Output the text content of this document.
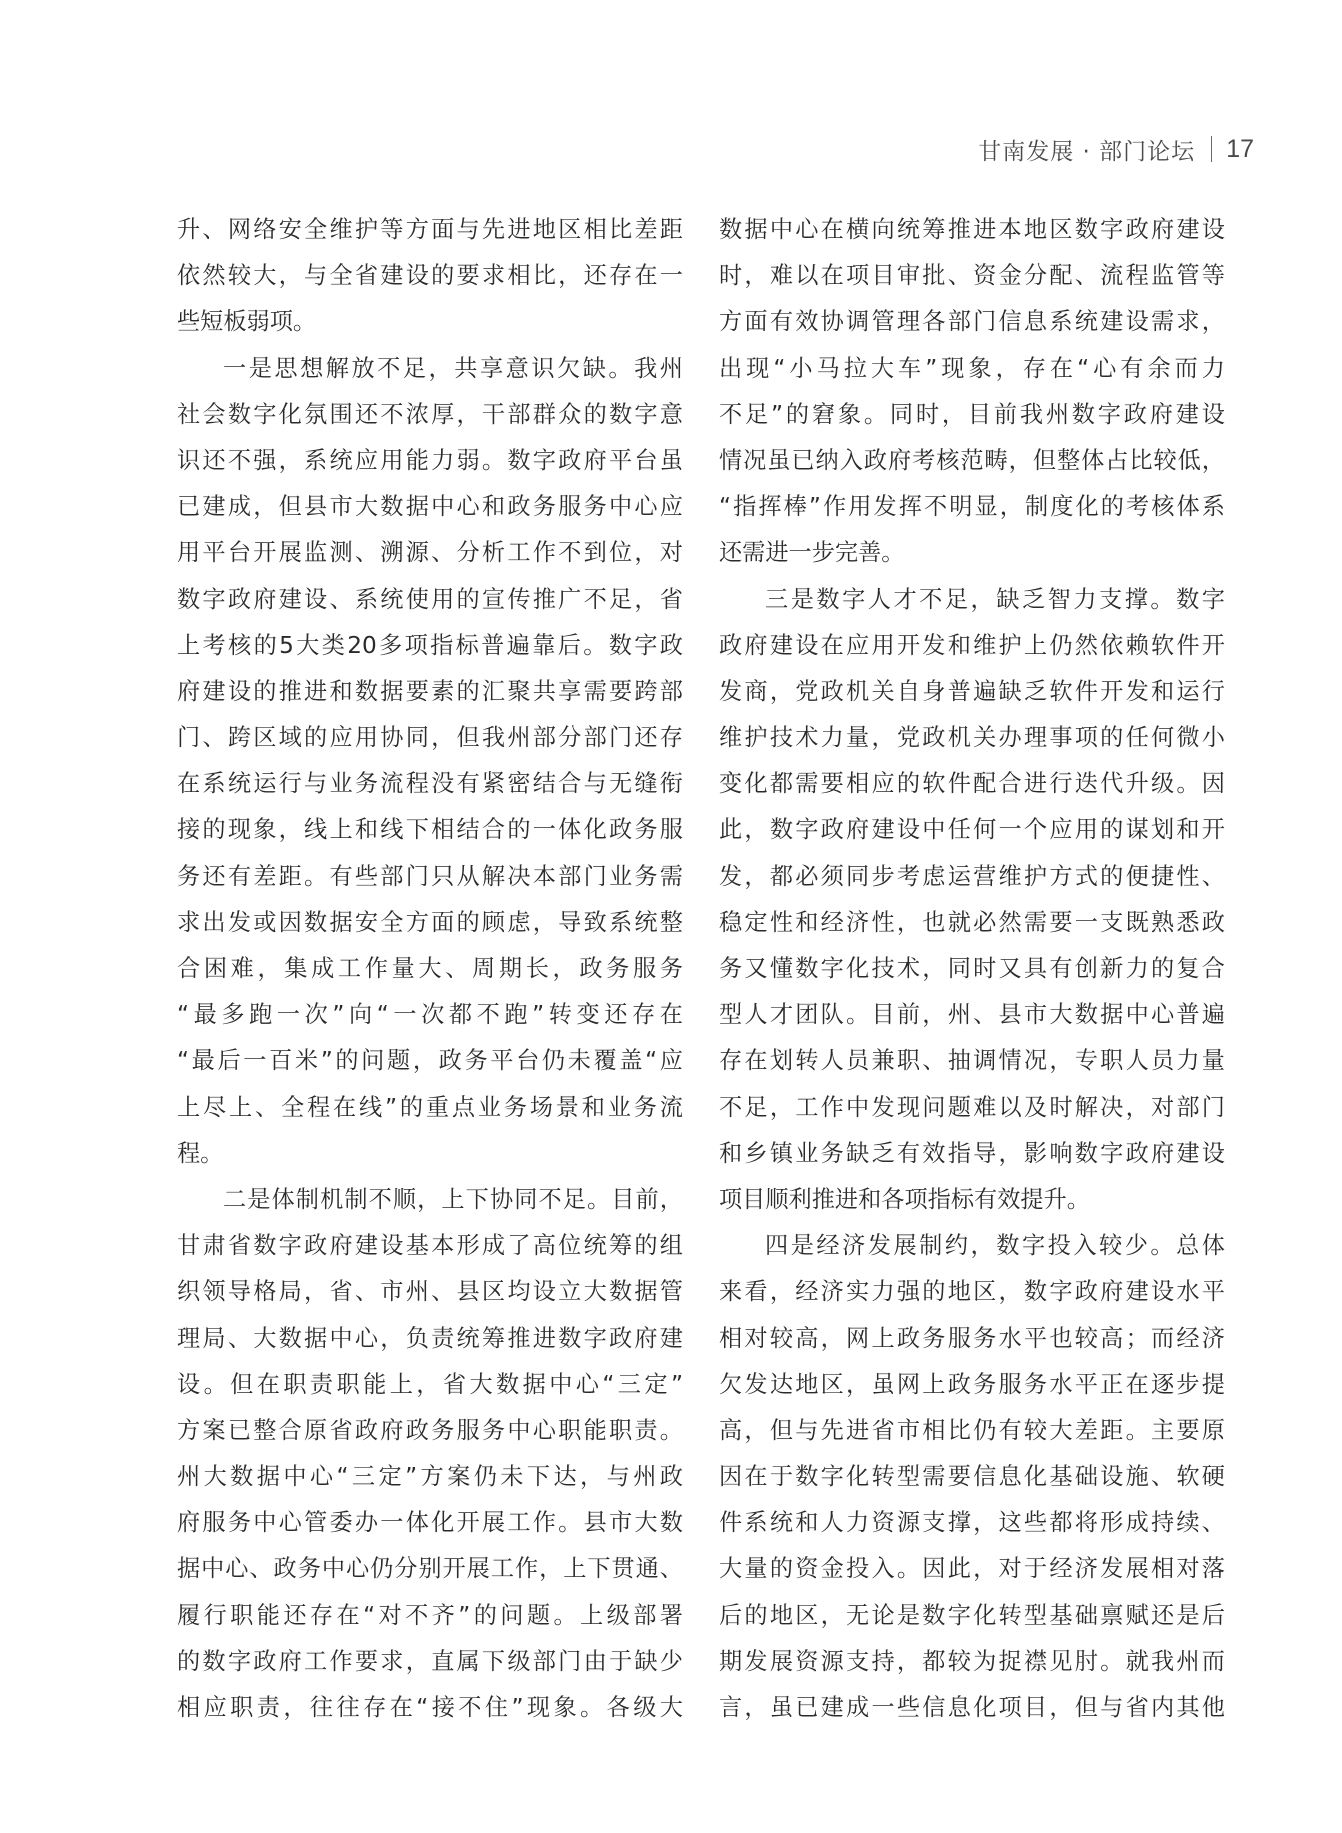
甘南发展 · 部门论坛 17
升、网络安全维护等方面与先进地区相比差距
依然较大，与全省建设的要求相比，还存在一
些短板弱项。
一是思想解放不足，共享意识欠缺。我州
社会数字化氛围还不浓厚，干部群众的数字意
识还不强，系统应用能力弱。数字政府平台虽
已建成，但县市大数据中心和政务服务中心应
用平台开展监测、溯源、分析工作不到位，对
数字政府建设、系统使用的宣传推广不足，省
上考核的5大类20多项指标普遍靠后。数字政
府建设的推进和数据要素的汇聚共享需要跨部
门、跨区域的应用协同，但我州部分部门还存
在系统运行与业务流程没有紧密结合与无缝衔
接的现象，线上和线下相结合的一体化政务服
务还有差距。有些部门只从解决本部门业务需
求出发或因数据安全方面的顾虑，导致系统整
合困难，集成工作量大、周期长，政务服务
“最多跑一次”向“一次都不跑”转变还存在
“最后一百米”的问题，政务平台仍未覆盖“应
上尽上、全程在线”的重点业务场景和业务流
程。
二是体制机制不顺，上下协同不足。目前，
甘肃省数字政府建设基本形成了高位统筹的组
织领导格局，省、市州、县区均设立大数据管
理局、大数据中心，负责统筹推进数字政府建
设。但在职责职能上，省大数据中心“三定”
方案已整合原省政府政务服务中心职能职责。
州大数据中心“三定”方案仍未下达，与州政
府服务中心管委办一体化开展工作。县市大数
据中心、政务中心仍分别开展工作，上下贯通、
履行职能还存在“对不齐”的问题。上级部署
的数字政府工作要求，直属下级部门由于缺少
相应职责，往往存在“接不住”现象。各级大
数据中心在横向统筹推进本地区数字政府建设
时，难以在项目审批、资金分配、流程监管等
方面有效协调管理各部门信息系统建设需求，
出现“小马拉大车”现象，存在“心有余而力
不足”的窘象。同时，目前我州数字政府建设
情况虽已纳入政府考核范畴，但整体占比较低，
“指挥棒”作用发挥不明显，制度化的考核体系
还需进一步完善。
三是数字人才不足，缺乏智力支撑。数字
政府建设在应用开发和维护上仍然依赖软件开
发商，党政机关自身普遍缺乏软件开发和运行
维护技术力量，党政机关办理事项的任何微小
变化都需要相应的软件配合进行迭代升级。因
此，数字政府建设中任何一个应用的谋划和开
发，都必须同步考虑运营维护方式的便捷性、
稳定性和经济性，也就必然需要一支既熟悉政
务又懂数字化技术，同时又具有创新力的复合
型人才团队。目前，州、县市大数据中心普遍
存在划转人员兼职、抽调情况，专职人员力量
不足，工作中发现问题难以及时解决，对部门
和乡镇业务缺乏有效指导，影响数字政府建设
项目顺利推进和各项指标有效提升。
四是经济发展制约，数字投入较少。总体
来看，经济实力强的地区，数字政府建设水平
相对较高，网上政务服务水平也较高；而经济
欠发达地区，虽网上政务服务水平正在逐步提
高，但与先进省市相比仍有较大差距。主要原
因在于数字化转型需要信息化基础设施、软硬
件系统和人力资源支撑，这些都将形成持续、
大量的资金投入。因此，对于经济发展相对落
后的地区，无论是数字化转型基础禀赋还是后
期发展资源支持，都较为捉襟见肘。就我州而
言，虽已建成一些信息化项目，但与省内其他
